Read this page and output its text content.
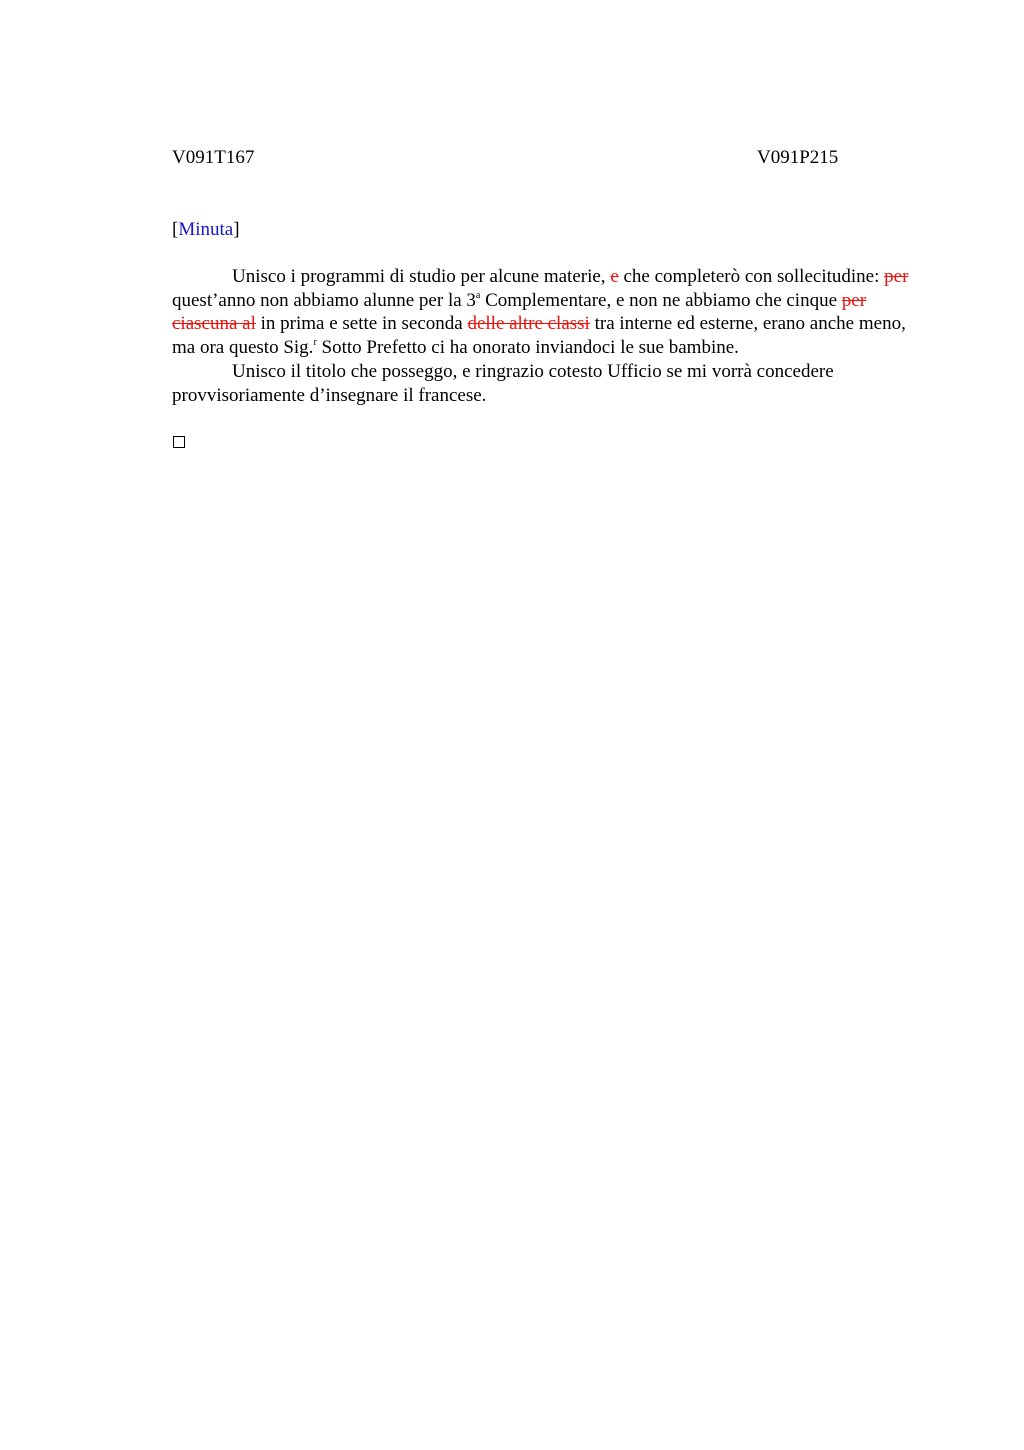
V091T167	V091P215
[Minuta]

Unisco i programmi di studio per alcune materie, e che completerò con sollecitudine: per quest’anno non abbiamo alunne per la 3$^a$ Complementare, e non ne abbiamo che cinque per ciascuna al in prima e sette in seconda delle altre classi tra interne ed esterne, erano anche meno, ma ora questo Sig.$^r$ Sotto Prefetto ci ha onorato inviandoci le sue bambine.

Unisco il titolo che posseggo, e ringrazio cotesto Ufficio se mi vorrà concedere provvisoriamente d’insegnare il francese.
